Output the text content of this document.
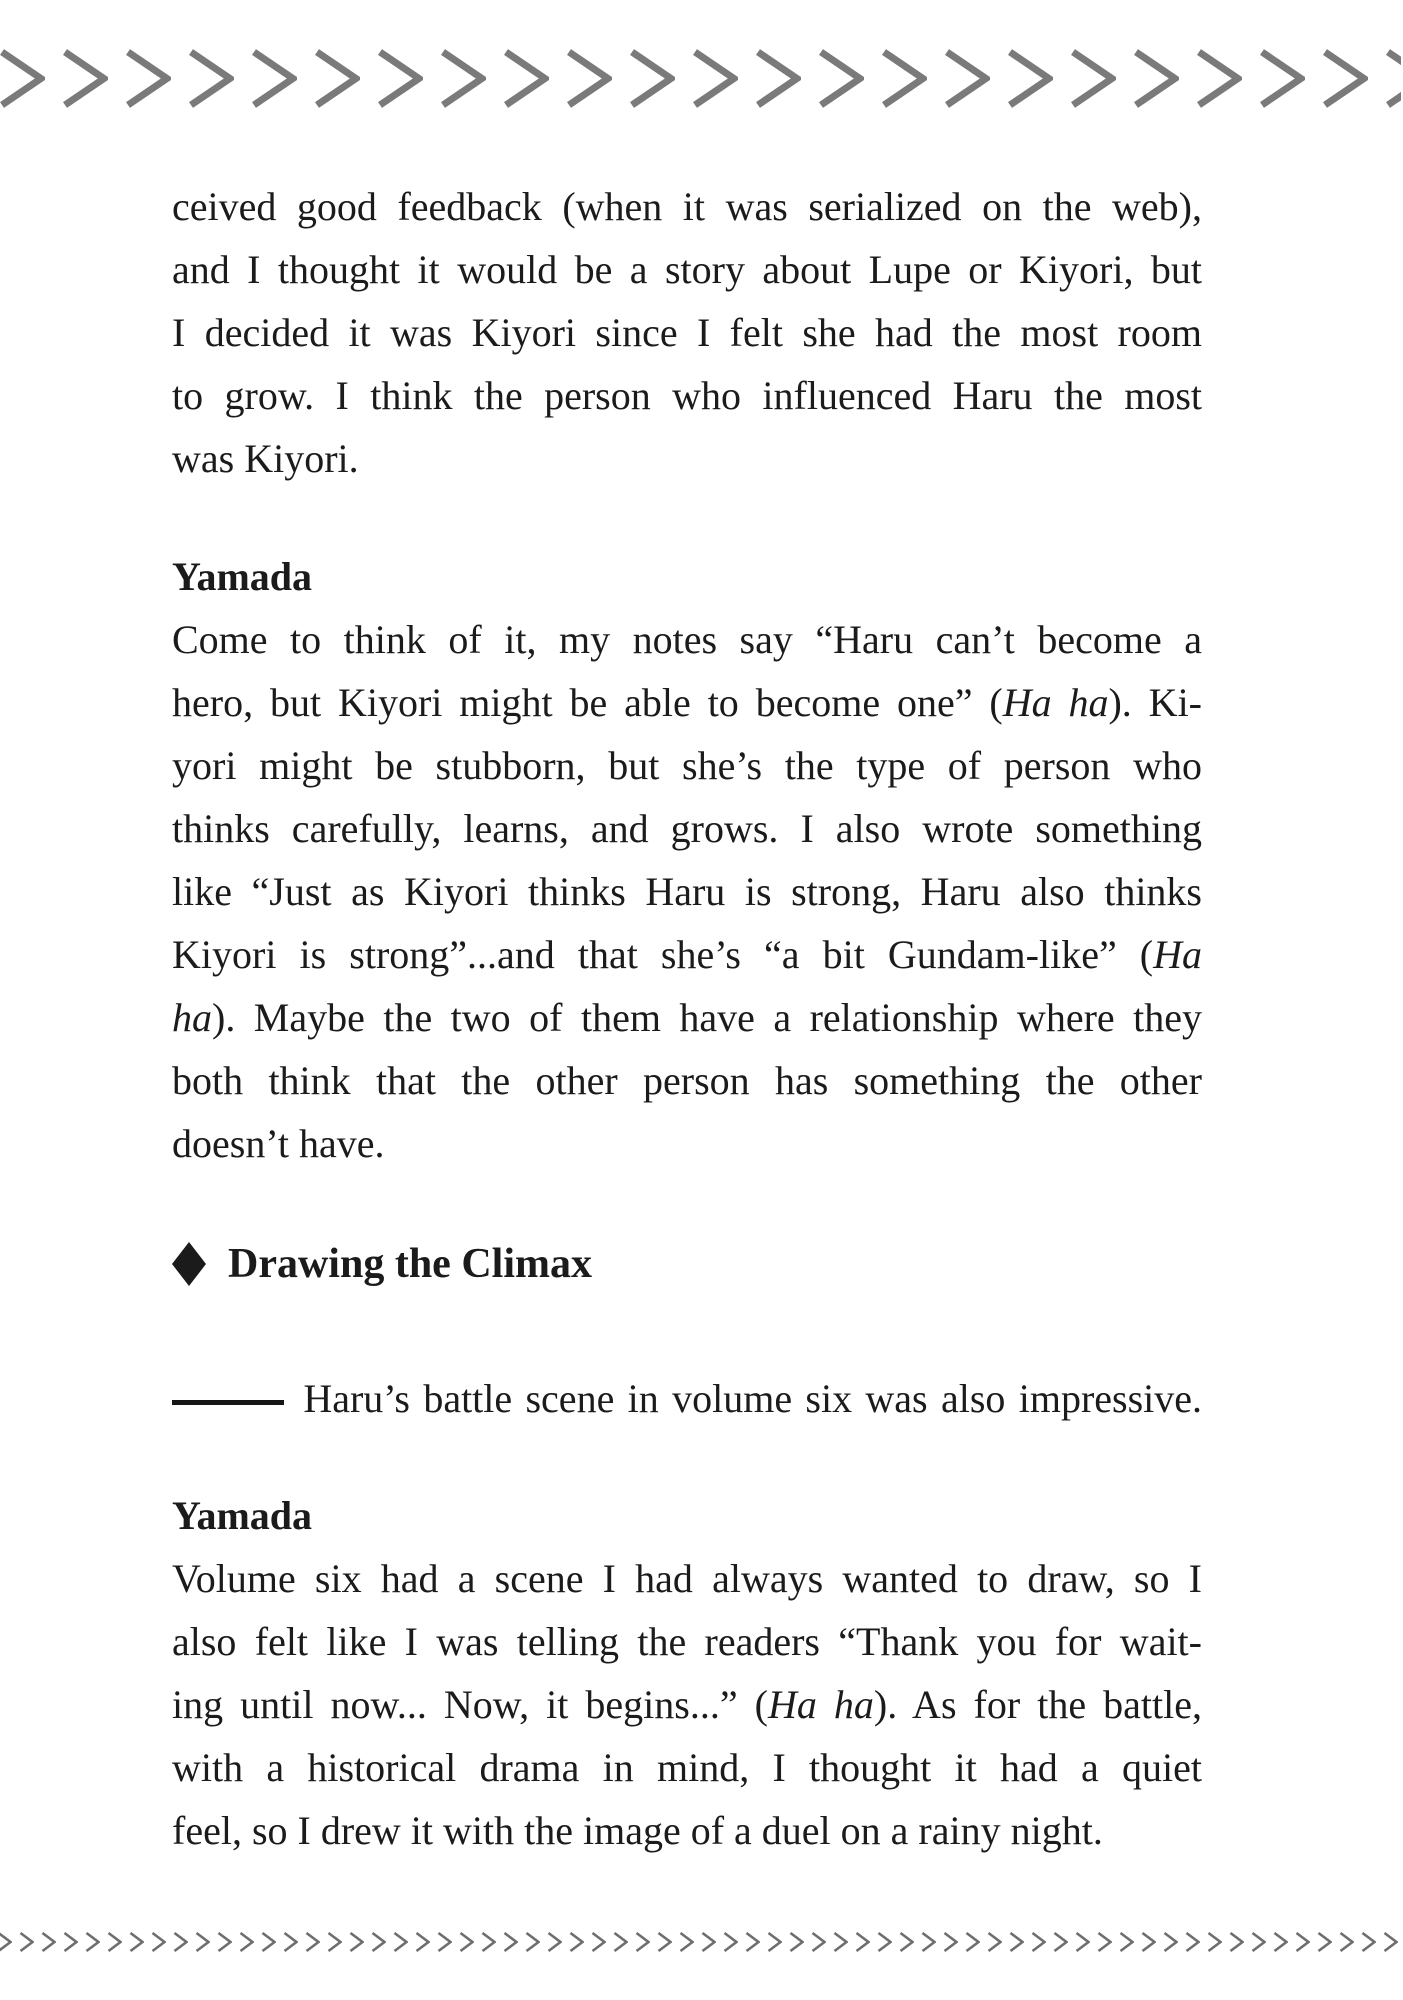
ceived good feedback (when it was serialized on the web),
and I thought it would be a story about Lupe or Kiyori, but
I decided it was Kiyori since I felt she had the most room
to grow. I think the person who influenced Haru the most
was Kiyori.
Yamada
Come to think of it, my notes say “Haru can’t become a
hero, but Kiyori might be able to become one” (Ha ha). Ki-
yori might be stubborn, but she’s the type of person who
thinks carefully, learns, and grows. I also wrote something
like “Just as Kiyori thinks Haru is strong, Haru also thinks
Kiyori is strong”...and that she’s “a bit Gundam-like” (Ha
ha). Maybe the two of them have a relationship where they
both think that the other person has something the other
doesn’t have.
Drawing the Climax
Haru’s battle scene in volume six was also impressive.
Yamada
Volume six had a scene I had always wanted to draw, so I
also felt like I was telling the readers “Thank you for wait-
ing until now... Now, it begins...” (Ha ha). As for the battle,
with a historical drama in mind, I thought it had a quiet
feel, so I drew it with the image of a duel on a rainy night.
